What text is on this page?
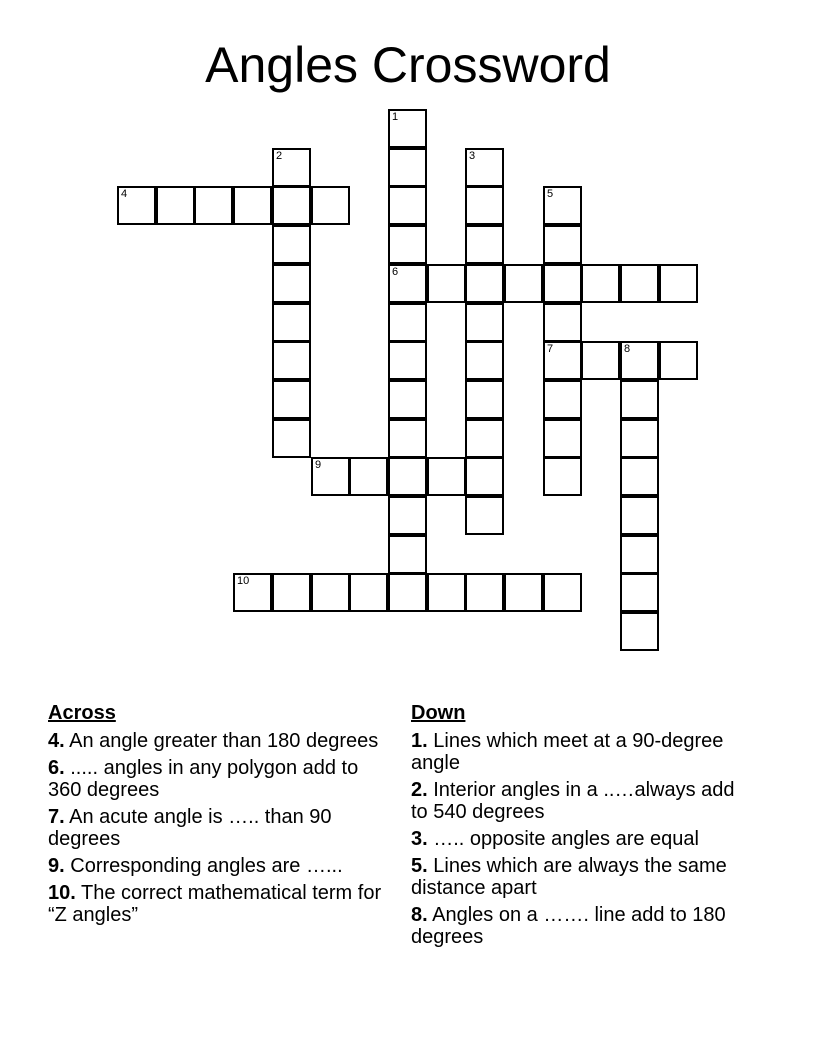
Angles Crossword
1
2	3
4	5
6
7	8
9
10
Across
4. An angle greater than 180 degrees
6. ..... angles in any polygon add to 360 degrees
7. An acute angle is ….. than 90 degrees
9. Corresponding angles are …...
10. The correct mathematical term for “Z angles”
Down
1. Lines which meet at a 90-degree angle
2. Interior angles in a ..…always add to 540 degrees
3. ….. opposite angles are equal
5. Lines which are always the same distance apart
8. Angles on a ……. line add to 180 degrees
